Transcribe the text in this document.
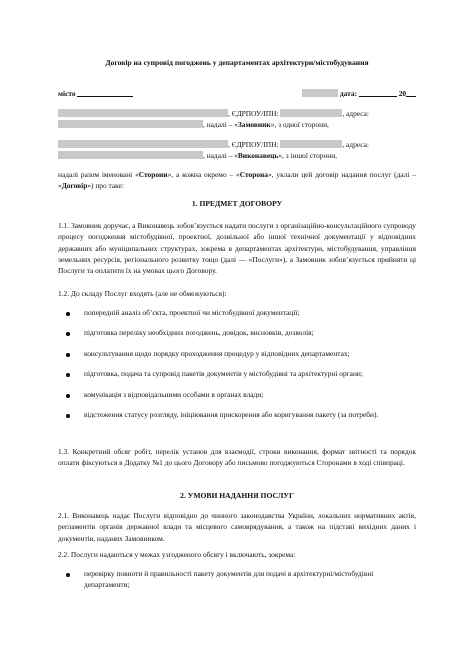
Договір на супровід погоджень у департаментах архітектури/містобудування
місто	дата:	20
, ЄДРПОУ/ІПН:	, адреса:
, надалі – «Замовник», з одної сторони,
, ЄДРПОУ/ІПН:	, адреса:
, надалі – «Виконавець», з іншої сторони,
надалі разом іменовані «Сторони», а кожна окремо – «Сторона», уклали цей договір надання послуг (далі – «Договір») про таке:
1. ПРЕДМЕТ ДОГОВОРУ
1.1. Замовник доручає, а Виконавець зобов’язується надати послуги з організаційно-консультаційного супроводу процесу погодження містобудівної, проектної, дозвільної або іншої технічної документації у відповідних державних або муніципальних структурах, зокрема в департаментах архітектури, містобудування, управління земельних ресурсів, регіонального розвитку тощо (далі — «Послуги»), а Замовник зобов’язується прийняти ці Послуги та оплатити їх на умовах цього Договору.
1.2. До складу Послуг входять (але не обмежуються):
попередній аналіз об’єкта, проектної чи містобудівної документації;
підготовка переліку необхідних погоджень, довідок, висновків, дозволів;
консультування щодо порядку проходження процедур у відповідних департаментах;
підготовка, подача та супровід пакетів документів у містобудівні та архітектурні органи;
комунікація з відповідальними особами в органах влади;
відстеження статусу розгляду, ініціювання прискорення або коригування пакету (за потреби).
1.3. Конкретний обсяг робіт, перелік установ для взаємодії, строки виконання, формат звітності та порядок оплати фіксуються в Додатку №1 до цього Договору або письмово погоджуються Сторонами в ході співпраці.
2. УМОВИ НАДАННЯ ПОСЛУГ
2.1. Виконавець надає Послуги відповідно до чинного законодавства України, локальних нормативних актів, регламентів органів державної влади та місцевого самоврядування, а також на підставі вихідних даних і документів, наданих Замовником.
2.2. Послуги надаються у межах узгодженого обсягу і включають, зокрема:
перевірку повноти й правильності пакету документів для подачі в архітектурні/містобудівні департаменти;
